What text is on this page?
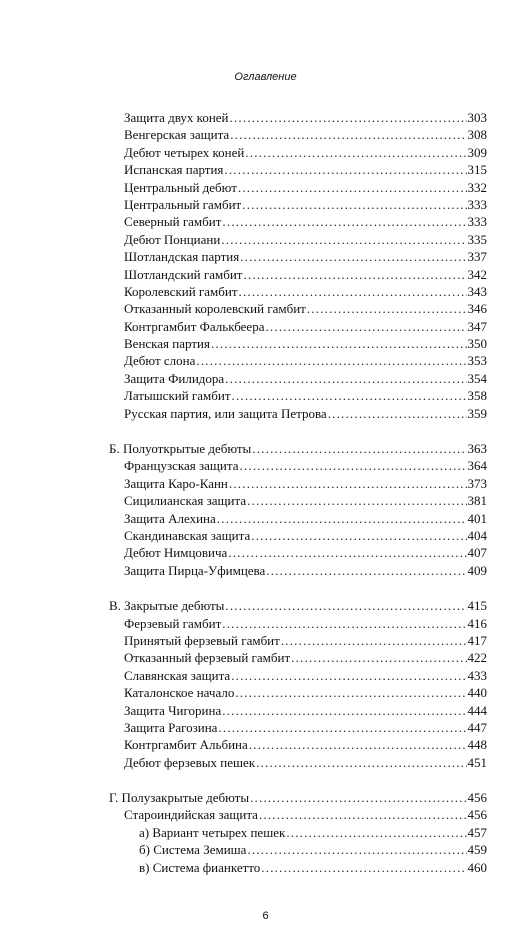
Оглавление
Защита двух коней .....	303
Венгерская защита .....	308
Дебют четырех коней .....	309
Испанская партия .....	315
Центральный дебют .....	332
Центральный гамбит .....	333
Северный гамбит .....	333
Дебют Понциани .....	335
Шотландская партия .....	337
Шотландский гамбит .....	342
Королевский гамбит .....	343
Отказанный королевский гамбит .....	346
Контргамбит Фалькбеера .....	347
Венская партия .....	350
Дебют слона .....	353
Защита Филидора .....	354
Латышский гамбит .....	358
Русская партия, или защита Петрова .....	359
Б. Полуоткрытые дебюты .....	363
Французская защита .....	364
Защита Каро-Канн .....	373
Сицилианская защита .....	381
Защита Алехина .....	401
Скандинавская защита .....	404
Дебют Нимцовича .....	407
Защита Пирца-Уфимцева .....	409
В. Закрытые дебюты .....	415
Ферзевый гамбит .....	416
Принятый ферзевый гамбит .....	417
Отказанный ферзевый гамбит .....	422
Славянская защита .....	433
Каталонское начало .....	440
Защита Чигорина .....	444
Защита Рагозина .....	447
Контргамбит Альбина .....	448
Дебют ферзевых пешек .....	451
Г. Полузакрытые дебюты .....	456
Староиндийская защита .....	456
а) Вариант четырех пешек .....	457
б) Система Земиша .....	459
в) Система фианкетто .....	460
6
